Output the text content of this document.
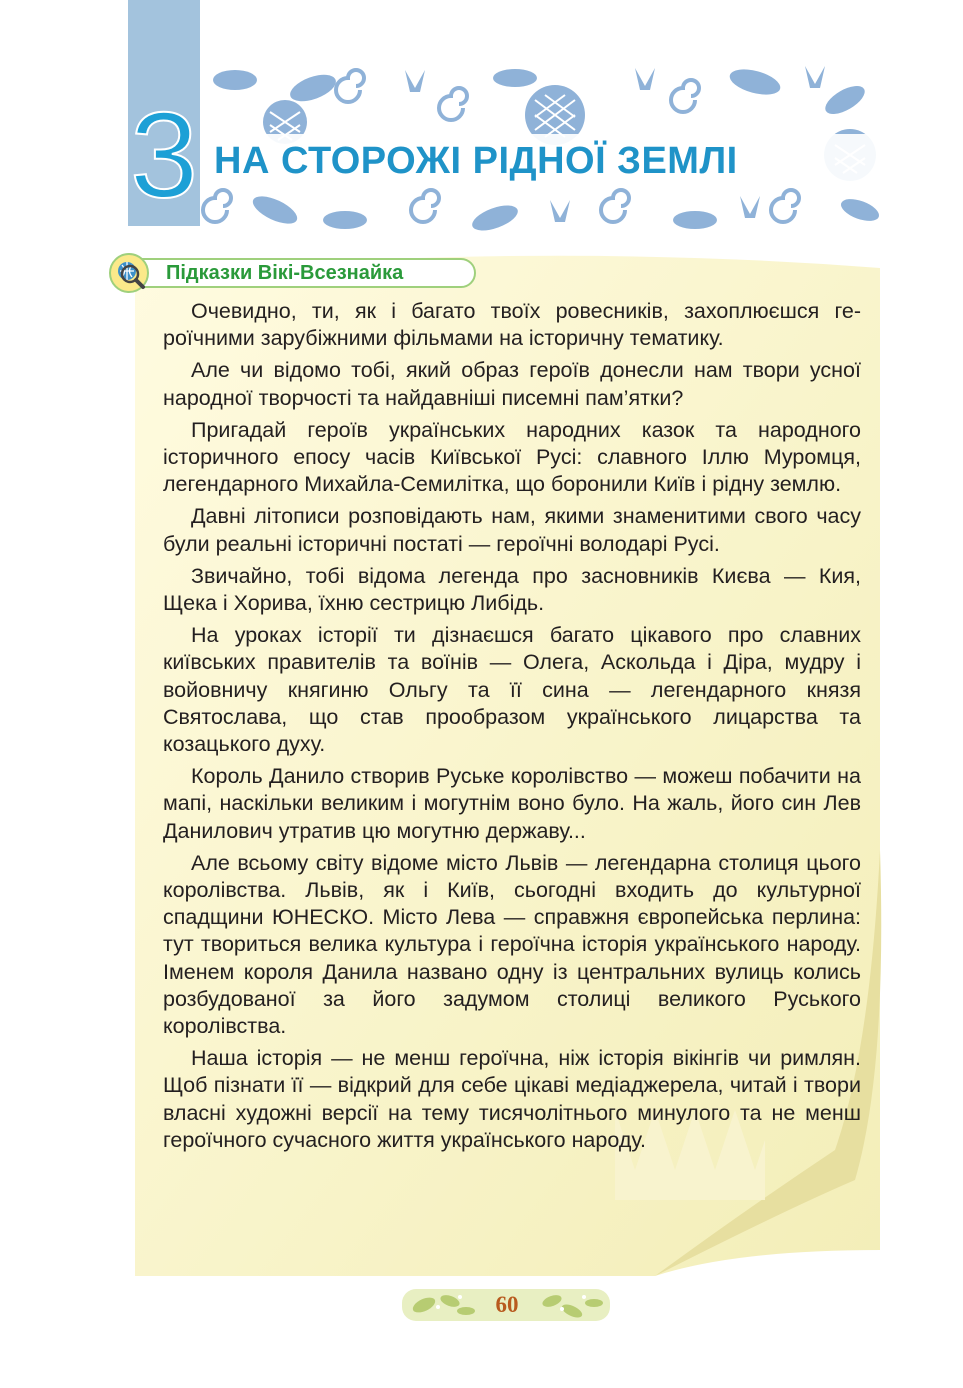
3 НА СТОРОЖІ РІДНОЇ ЗЕМЛІ
Підказки Вікі-Всезнайка

Очевидно, ти, як і багато твоїх ровесників, захоплюєшся героїчними зарубіжними фільмами на історичну тематику.

Але чи відомо тобі, який образ героїв донесли нам твори усної народної творчості та найдавніші писемні пам’ятки?

Пригадай героїв українських народних казок та народного історичного епосу часів Київської Русі: славного Іллю Муромця, легендарного Михайла-Семилітка, що боронили Київ і рідну землю.

Давні літописи розповідають нам, якими знаменитими свого часу були реальні історичні постаті — героїчні володарі Русі.

Звичайно, тобі відома легенда про засновників Києва — Кия, Щека і Хорива, їхню сестрицю Либідь.

На уроках історії ти дізнаєшся багато цікавого про славних київських правителів та воїнів — Олега, Аскольда і Діра, мудру і войовничу княгиню Ольгу та її сина — легендарного князя Святослава, що став прообразом українського лицарства та козацького духу.

Король Данило створив Руське королівство — можеш побачити на мапі, наскільки великим і могутнім воно було. На жаль, його син Лев Данилович утратив цю могутню державу...

Але всьому світу відоме місто Львів — легендарна столиця цього королівства. Львів, як і Київ, сьогодні входить до культурної спадщини ЮНЕСКО. Місто Лева — справжня європейська перлина: тут твориться велика культура і героїчна історія українського народу. Іменем короля Данила названо одну із центральних вулиць колись розбудованої за його задумом столиці великого Руського королівства.

Наша історія — не менш героїчна, ніж історія вікінгів чи римлян. Щоб пізнати її — відкрий для себе цікаві медіаджерела, читай і твори власні художні версії на тему тисячолітнього минулого та не менш героїчного сучасного життя українського народу.

60
